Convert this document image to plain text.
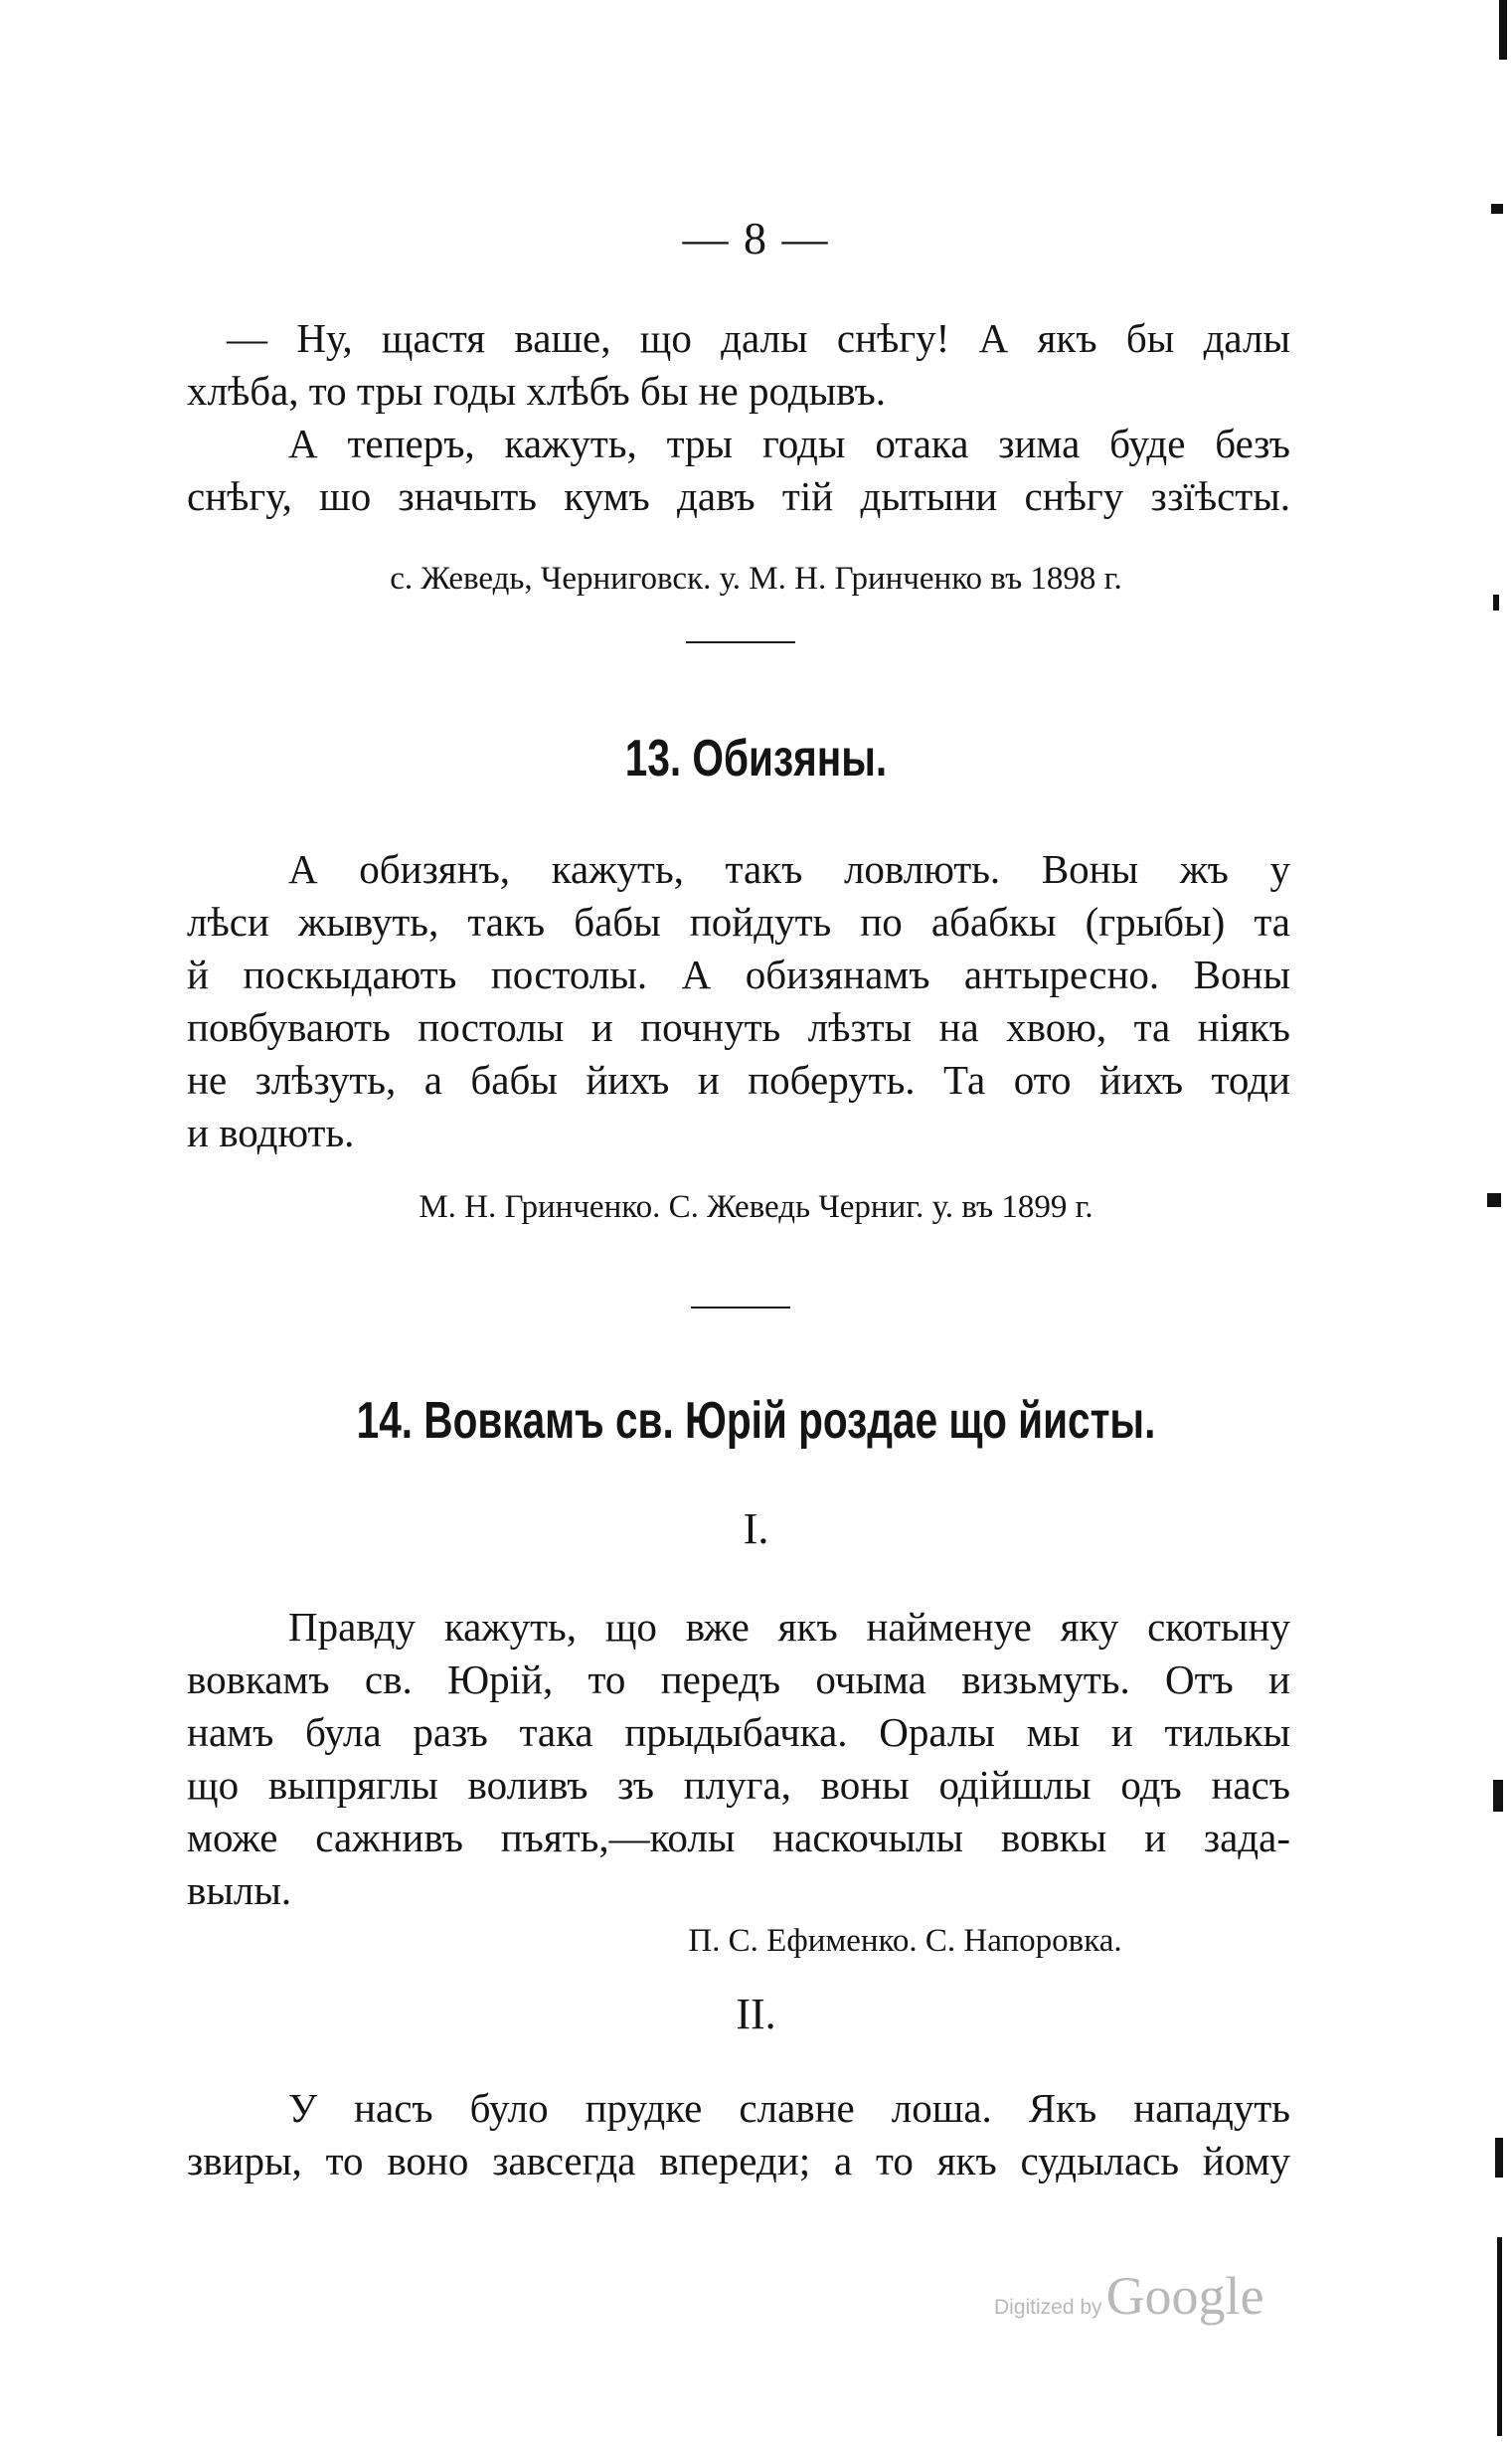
— 8 —
— Ну, щастя ваше, що далы снѣгу! А якъ бы далы
хлѣба, то тры годы хлѣбъ бы не родывъ.
А теперъ, кажуть, тры годы отака зима буде безъ
снѣгу, шо значыть кумъ давъ тій дытыни снѣгу ззїѣсты.
с. Жеведь, Черниговск. у. М. Н. Гринченко въ 1898 г.
13. Обизяны.
А обизянъ, кажуть, такъ ловлють. Воны жъ у
лѣси жывуть, такъ бабы пойдуть по абабкы (грыбы) та
й поскыдають постолы. А обизянамъ антыресно. Воны
повбувають постолы и почнуть лѣзты на хвою, та ніякъ
не злѣзуть, а бабы йихъ и поберуть. Та ото йихъ тоди
и водють.
М. Н. Гринченко. С. Жеведь Черниг. у. въ 1899 г.
14. Вовкамъ св. Юрій роздае що йисты.
I.
Правду кажуть, що вже якъ найменуе яку скотыну
вовкамъ св. Юрій, то передъ очыма визьмуть. Отъ и
намъ була разъ така прыдыбачка. Оралы мы и тилькы
що выпряглы воливъ зъ плуга, воны одійшлы одъ насъ
може сажнивъ пъять,—колы наскочылы вовкы и зада-
вылы.
П. С. Ефименко. С. Напоровка.
II.
У насъ було прудке славне лоша. Якъ нападуть
звиры, то воно завсегда впереди; а то якъ судылась йому
Digitized byGoogle
